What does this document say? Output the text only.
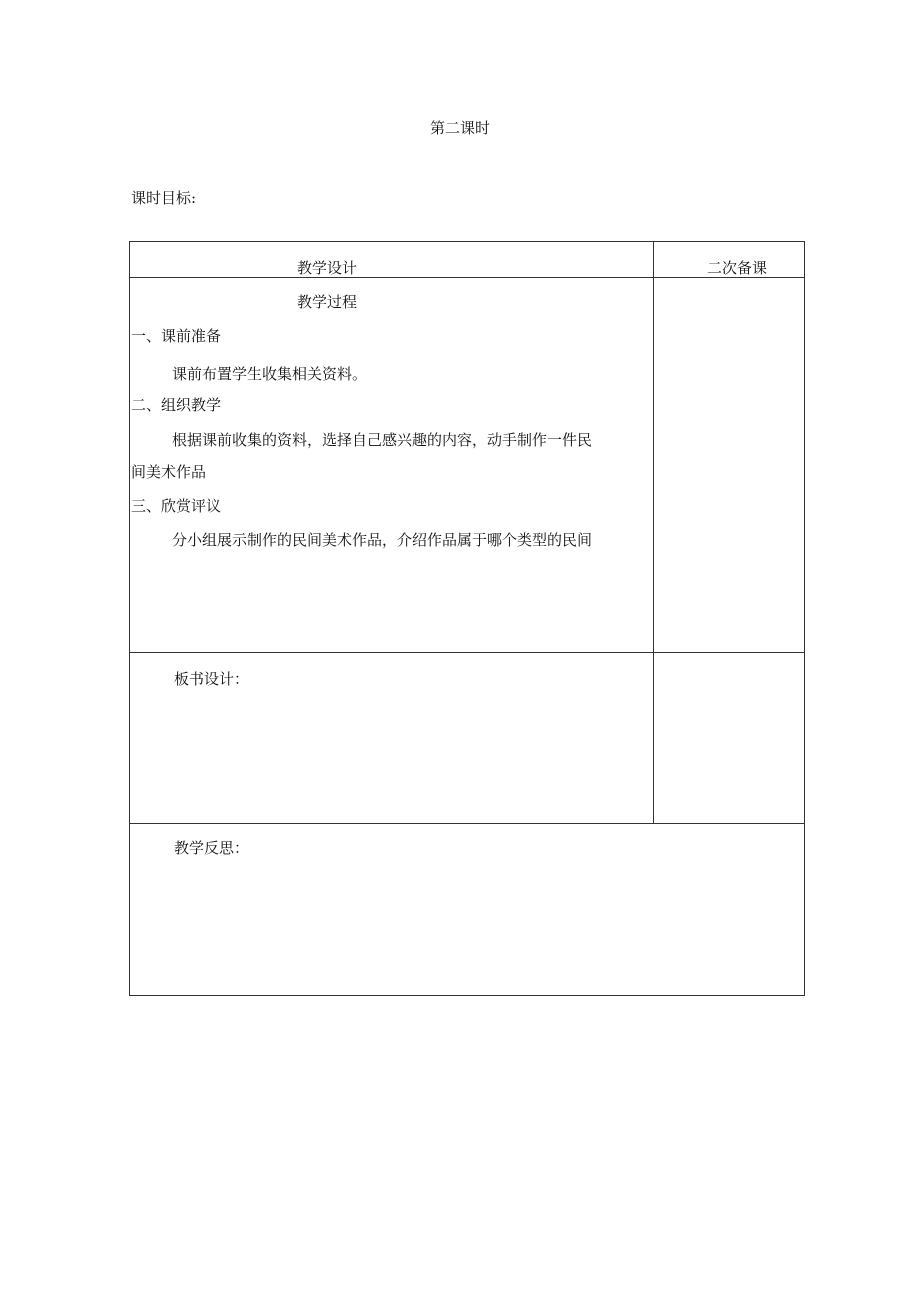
第二课时
课时目标:
教学设计	二次备课
教学过程
一、课前准备
课前布置学生收集相关资料。
二、组织教学
根据课前收集的资料，选择自己感兴趣的内容，动手制作一件民
间美术作品
三、欣赏评议
分小组展示制作的民间美术作品，介绍作品属于哪个类型的民间
板书设计：
教学反思：
